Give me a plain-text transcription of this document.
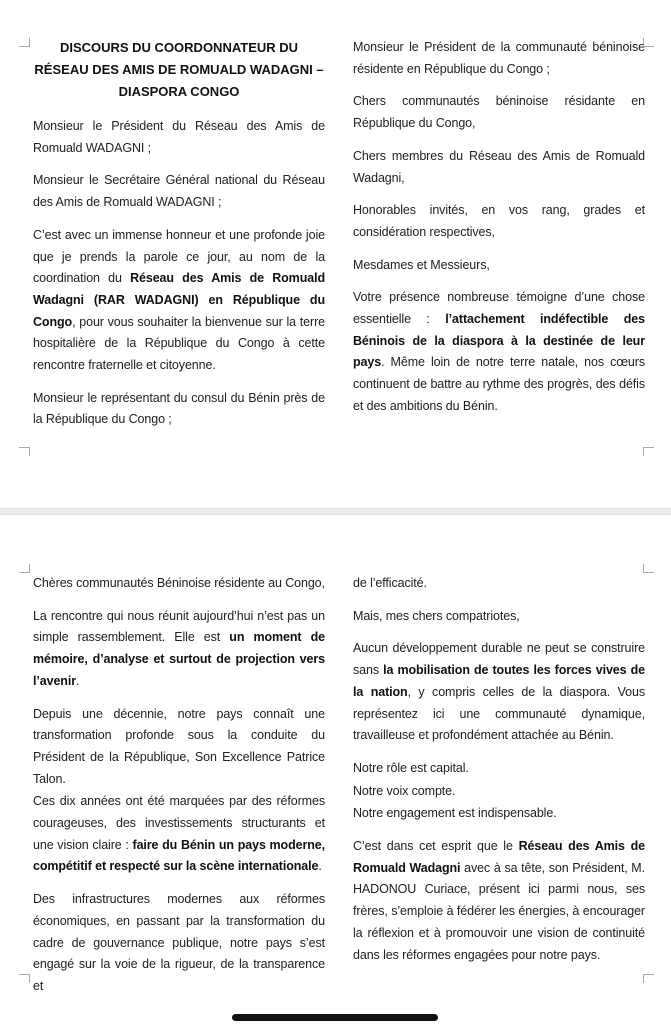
DISCOURS DU COORDONNATEUR DU RÉSEAU DES AMIS DE ROMUALD WADAGNI – DIASPORA CONGO

Monsieur le Président du Réseau des Amis de Romuald WADAGNI ;

Monsieur le Secrétaire Général national du Réseau des Amis de Romuald WADAGNI ;

C’est avec un immense honneur et une profonde joie que je prends la parole ce jour, au nom de la coordination du Réseau des Amis de Romuald Wadagni (RAR WADAGNI) en République du Congo, pour vous souhaiter la bienvenue sur la terre hospitalière de la République du Congo à cette rencontre fraternelle et citoyenne.

Monsieur le représentant du consul du Bénin près de la République du Congo ;

Monsieur le Président de la communauté béninoise résidente en République du Congo ;

Chers communautés béninoise résidante en République du Congo,

Chers membres du Réseau des Amis de Romuald Wadagni,

Honorables invités, en vos rang, grades et considération respectives,

Mesdames et Messieurs,

Votre présence nombreuse témoigne d’une chose essentielle : l’attachement indéfectible des Béninois de la diaspora à la destinée de leur pays. Même loin de notre terre natale, nos cœurs continuent de battre au rythme des progrès, des défis et des ambitions du Bénin.

Chères communautés Béninoise résidente au Congo,

La rencontre qui nous réunit aujourd’hui n’est pas un simple rassemblement. Elle est un moment de mémoire, d’analyse et surtout de projection vers l’avenir.

Depuis une décennie, notre pays connaît une transformation profonde sous la conduite du Président de la République, Son Excellence Patrice Talon.

Ces dix années ont été marquées par des réformes courageuses, des investissements structurants et une vision claire : faire du Bénin un pays moderne, compétitif et respecté sur la scène internationale.

Des infrastructures modernes aux réformes économiques, en passant par la transformation du cadre de gouvernance publique, notre pays s’est engagé sur la voie de la rigueur, de la transparence et

de l’efficacité.

Mais, mes chers compatriotes,

Aucun développement durable ne peut se construire sans la mobilisation de toutes les forces vives de la nation, y compris celles de la diaspora. Vous représentez ici une communauté dynamique, travailleuse et profondément attachée au Bénin.

Notre rôle est capital.

Notre voix compte.

Notre engagement est indispensable.

C’est dans cet esprit que le Réseau des Amis de Romuald Wadagni avec à sa tête, son Président, M. HADONOU Curiace, présent ici parmi nous, ses frères, s’emploie à fédérer les énergies, à encourager la réflexion et à promouvoir une vision de continuité dans les réformes engagées pour notre pays.
